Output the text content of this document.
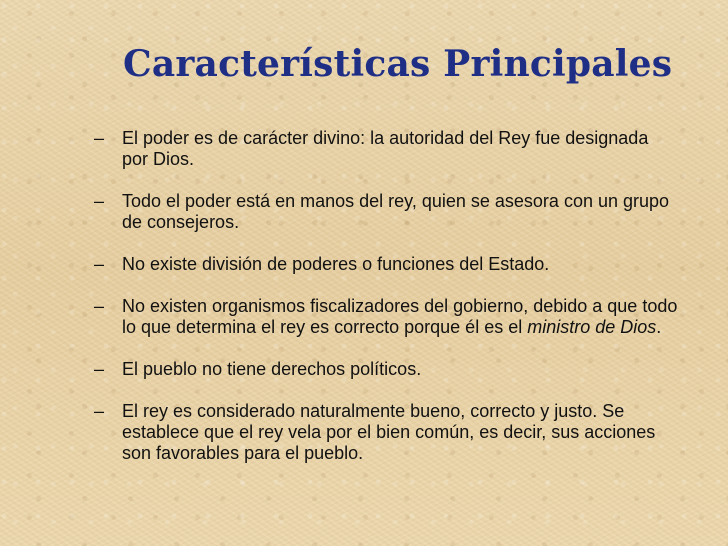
Características Principales
– El poder es de carácter divino: la autoridad del Rey fue designada por Dios.
– Todo el poder está en manos del rey, quien se asesora con un grupo de consejeros.
– No existe división de poderes o funciones del Estado.
– No existen organismos fiscalizadores del gobierno, debido a que todo lo que determina el rey es correcto porque él es el ministro de Dios.
– El pueblo no tiene derechos políticos.
– El rey es considerado naturalmente bueno, correcto y justo. Se establece que el rey vela por el bien común, es decir, sus acciones son favorables para el pueblo.
